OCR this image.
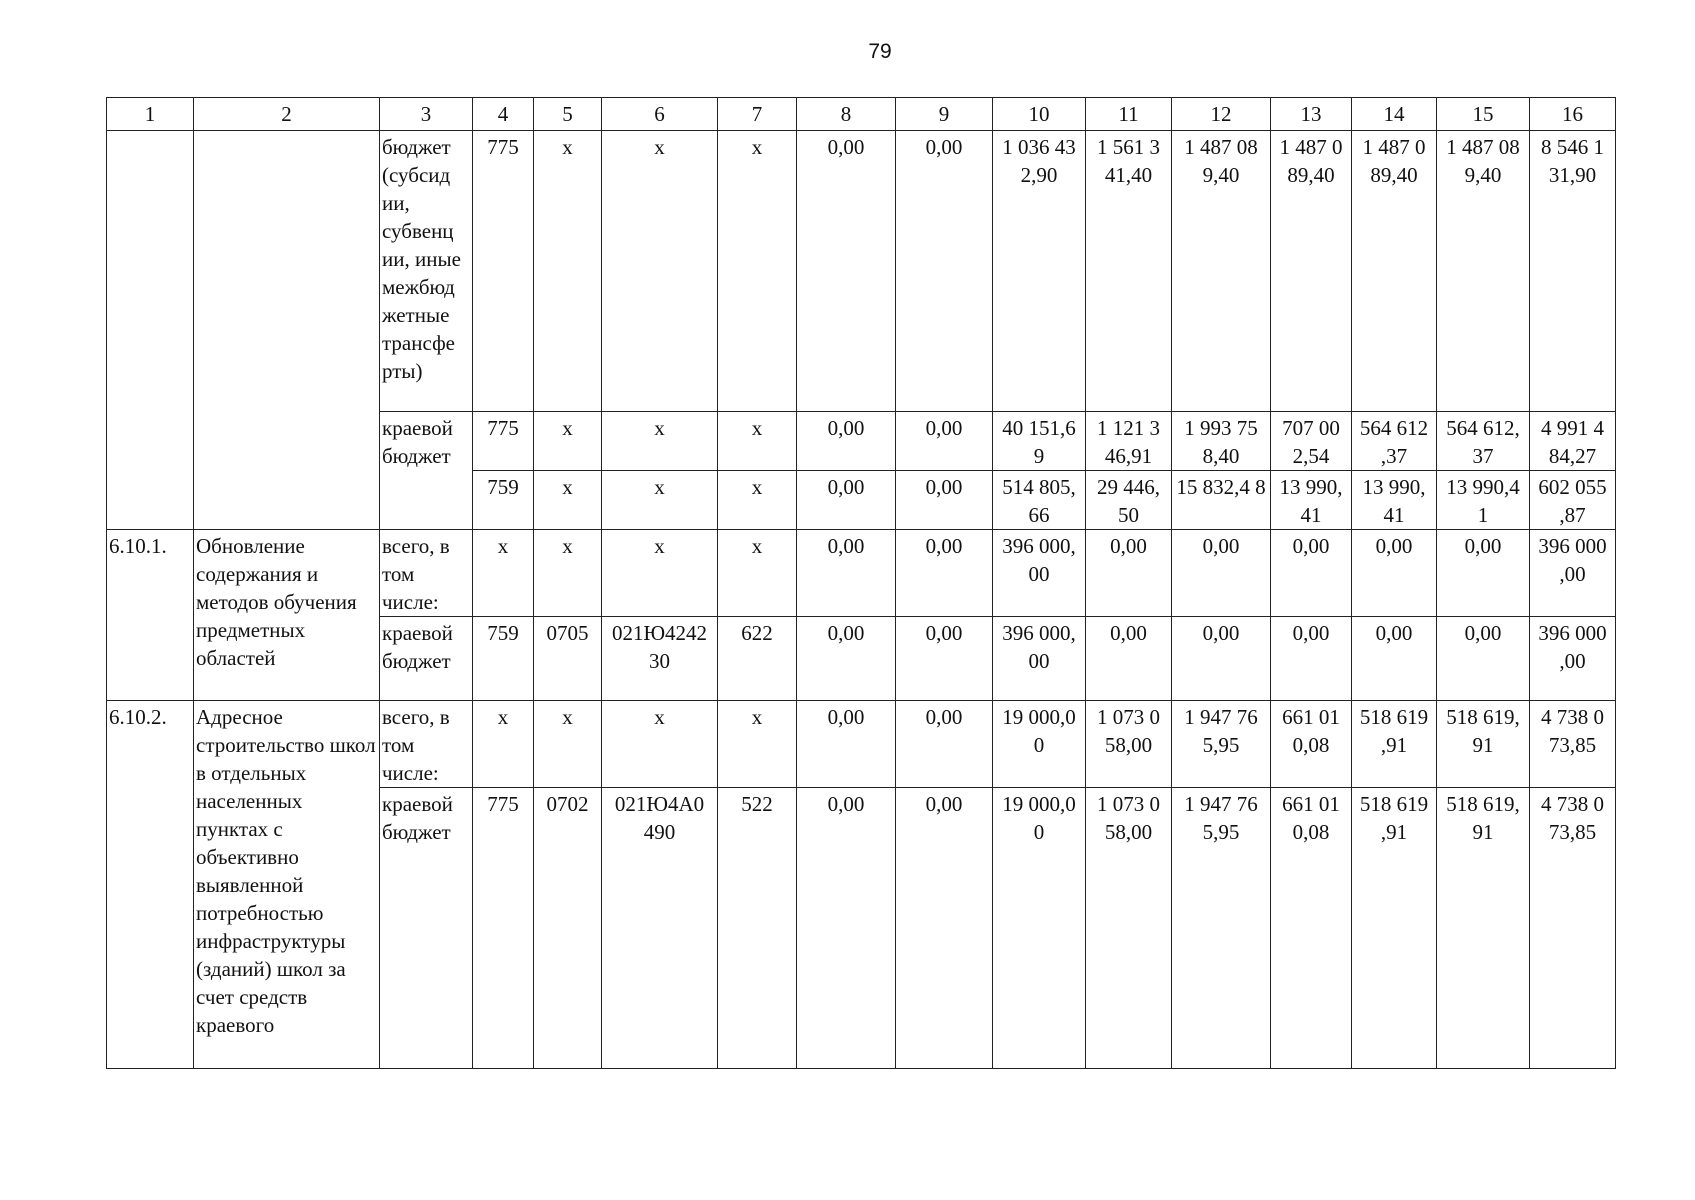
79
1	2	3	4	5	6	7	8	9	10	11	12	13	14	15	16
		бюджет (субсид ии, субвенц ии, иные межбюд жетные трансфе рты)	775	х	х	х	0,00	0,00	1 036 43 2,90	1 561 3 41,40	1 487 08 9,40	1 487 0 89,40	1 487 0 89,40	1 487 08 9,40	8 546 1 31,90
		краевой бюджет	775	х	х	х	0,00	0,00	40 151,6 9	1 121 3 46,91	1 993 75 8,40	707 00 2,54	564 612 ,37	564 612, 37	4 991 4 84,27
			759	х	х	х	0,00	0,00	514 805, 66	29 446, 50	15 832,4 8	13 990, 41	13 990, 41	13 990,4 1	602 055 ,87
6.10.1.	Обновление содержания и методов обучения предметных областей	всего, в том числе:	х	х	х	х	0,00	0,00	396 000, 00	0,00	0,00	0,00	0,00	0,00	396 000 ,00
		краевой бюджет	759	0705	021Ю4242 30	622	0,00	0,00	396 000, 00	0,00	0,00	0,00	0,00	0,00	396 000 ,00
6.10.2.	Адресное строительство школ в отдельных населенных пунктах с объективно выявленной потребностью инфраструктуры (зданий) школ за счет средств краевого	всего, в том числе:	х	х	х	х	0,00	0,00	19 000,0 0	1 073 0 58,00	1 947 76 5,95	661 01 0,08	518 619 ,91	518 619, 91	4 738 0 73,85
		краевой бюджет	775	0702	021Ю4А0 490	522	0,00	0,00	19 000,0 0	1 073 0 58,00	1 947 76 5,95	661 01 0,08	518 619 ,91	518 619, 91	4 738 0 73,85
